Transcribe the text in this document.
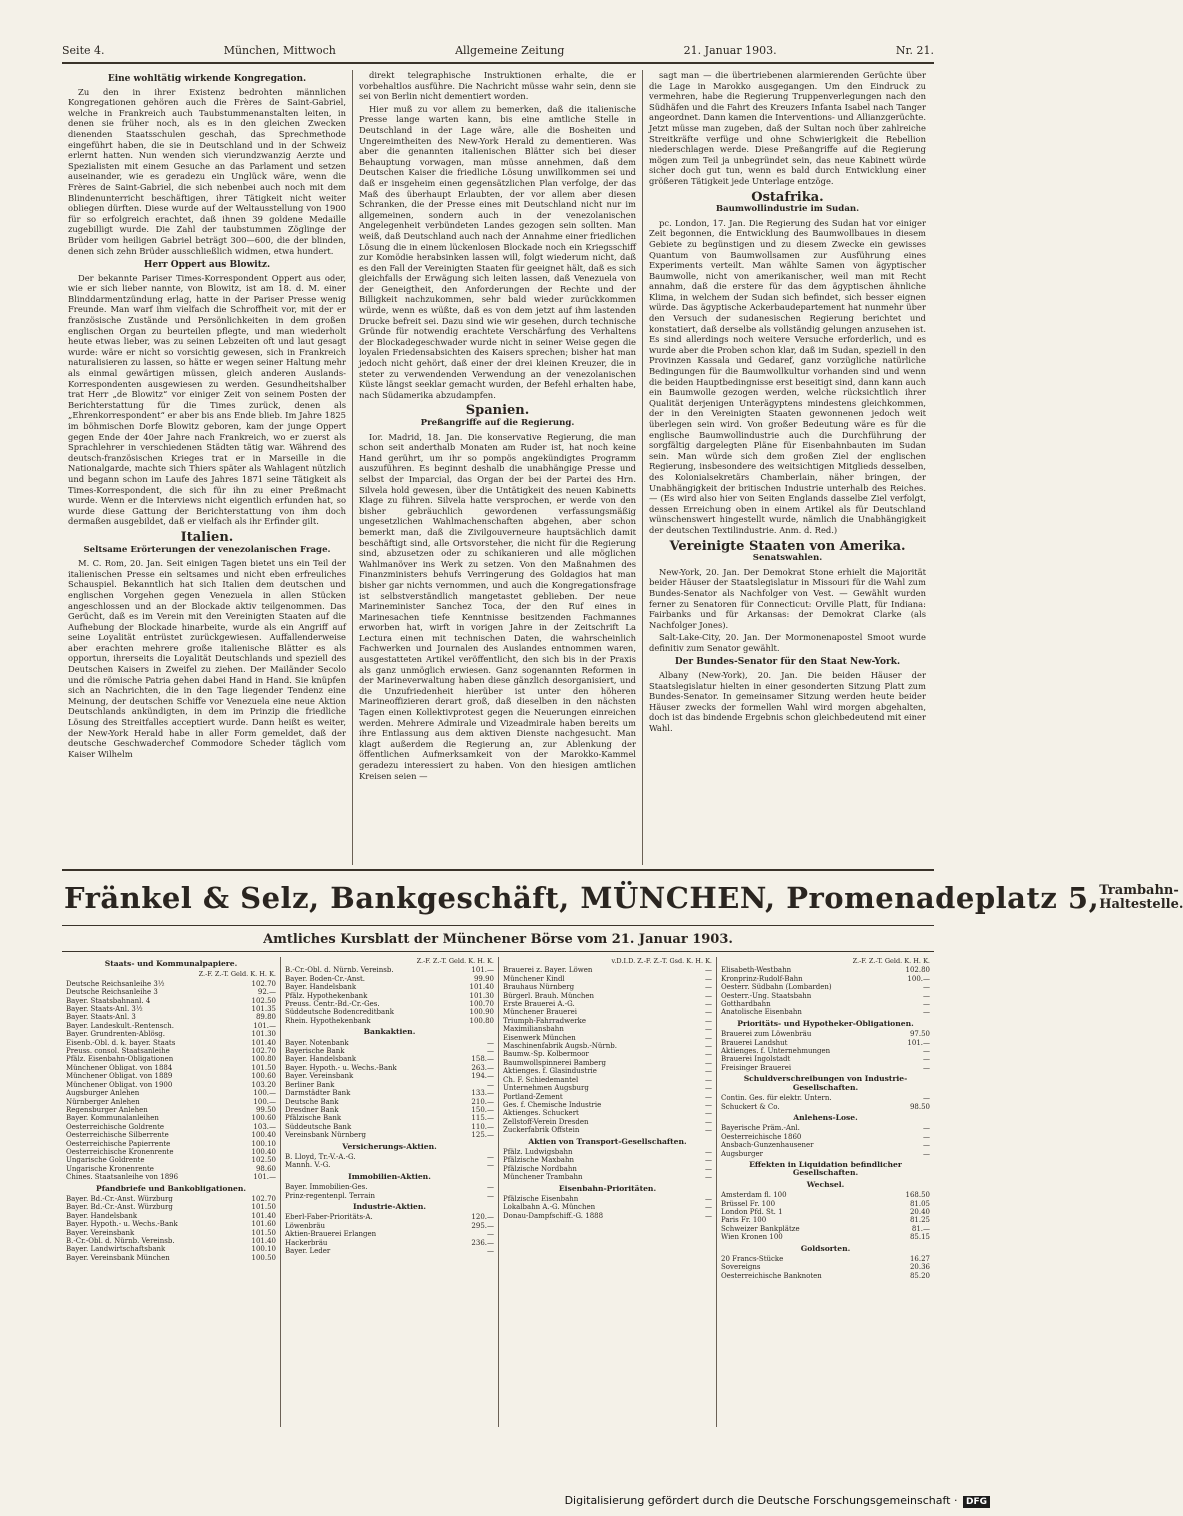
Seite 4.	München, Mittwoch	Allgemeine Zeitung	21. Januar 1903.	Nr. 21.
Eine wohltätig wirkende Kongregation.

Zu den in ihrer Existenz bedrohten männlichen Kongregationen gehören auch die Frères de Saint-Gabriel, welche in Frankreich auch Taubstummenanstalten leiten, in denen sie früher noch, als es in den gleichen Zwecken dienenden Staatsschulen geschah, das Sprechmethode eingeführt haben, die sie in Deutschland und in der Schweiz erlernt hatten. Nun wenden sich vierundzwanzig Aerzte und Spezialisten mit einem Gesuche an das Parlament und setzen auseinander, wie es geradezu ein Unglück wäre, wenn die Frères de Saint-Gabriel, die sich nebenbei auch noch mit dem Blindenunterricht beschäftigen, ihrer Tätigkeit nicht weiter obliegen dürften. Diese wurde auf der Weltausstellung von 1900 für so erfolgreich erachtet, daß ihnen 39 goldene Medaille zugebilligt wurde. Die Zahl der taubstummen Zöglinge der Brüder vom heiligen Gabriel beträgt 300—600, die der blinden, denen sich zehn Brüder ausschließlich widmen, etwa hundert.

Herr Oppert aus Blowitz.

Der bekannte Pariser Times-Korrespondent Oppert aus oder, wie er sich lieber nannte, von Blowitz, ist am 18. d. M. einer Blinddarmentzündung erlag, hatte in der Pariser Presse wenig Freunde. Man warf ihm vielfach die Schroffheit vor, mit der er französische Zustände und Persönlichkeiten in dem großen englischen Organ zu beurteilen pflegte, und man wiederholt heute etwas lieber, was zu seinen Lebzeiten oft und laut gesagt wurde: wäre er nicht so vorsichtig gewesen, sich in Frankreich naturalisieren zu lassen, so hätte er wegen seiner Haltung mehr als einmal gewärtigen müssen, gleich anderen Auslands-Korrespondenten ausgewiesen zu werden. Gesundheitshalber trat Herr „de Blowitz“ vor einiger Zeit von seinem Posten der Berichterstattung für die Times zurück, denen als „Ehrenkorrespondent“ er aber bis ans Ende blieb. Im Jahre 1825 im böhmischen Dorfe Blowitz geboren, kam der junge Oppert gegen Ende der 40er Jahre nach Frankreich, wo er zuerst als Sprachlehrer in verschiedenen Städten tätig war. Während des deutsch-französischen Krieges trat er in Marseille in die Nationalgarde, machte sich Thiers später als Wahlagent nützlich und begann schon im Laufe des Jahres 1871 seine Tätigkeit als Times-Korrespondent, die sich für ihn zu einer Preßmacht wurde. Wenn er die Interviews nicht eigentlich erfunden hat, so wurde diese Gattung der Berichterstattung von ihm doch dermaßen ausgebildet, daß er vielfach als ihr Erfinder gilt.

Italien.
Seltsame Erörterungen der venezolanischen Frage.

M. C. Rom, 20. Jan. Seit einigen Tagen bietet uns ein Teil der italienischen Presse ein seltsames und nicht eben erfreuliches Schauspiel. Bekanntlich hat sich Italien dem deutschen und englischen Vorgehen gegen Venezuela in allen Stücken angeschlossen und an der Blockade aktiv teilgenommen. Das Gerücht, daß es im Verein mit den Vereinigten Staaten auf die Aufhebung der Blockade hinarbeite, wurde als ein Angriff auf seine Loyalität entrüstet zurückgewiesen. Auffallenderweise aber erachten mehrere große italienische Blätter es als opportun, ihrerseits die Loyalität Deutschlands und speziell des Deutschen Kaisers in Zweifel zu ziehen. Der Mailänder Secolo und die römische Patria gehen dabei Hand in Hand. Sie knüpfen sich an Nachrichten, die in den Tage liegender Tendenz eine Meinung, der deutschen Schiffe vor Venezuela eine neue Aktion Deutschlands ankündigten, in dem im Prinzip die friedliche Lösung des Streitfalles acceptiert wurde. Dann heißt es weiter, der New-York Herald habe in aller Form gemeldet, daß der deutsche Geschwaderchef Commodore Scheder täglich vom Kaiser Wilhelm

direkt telegraphische Instruktionen erhalte, die er vorbehaltlos ausführe. Die Nachricht müsse wahr sein, denn sie sei von Berlin nicht dementiert worden.

Hier muß zu vor allem zu bemerken, daß die italienische Presse lange warten kann, bis eine amtliche Stelle in Deutschland in der Lage wäre, alle die Bosheiten und Ungereimtheiten des New-York Herald zu dementieren. Was aber die genannten italienischen Blätter sich bei dieser Behauptung vorwagen, man müsse annehmen, daß dem Deutschen Kaiser die friedliche Lösung unwillkommen sei und daß er insgeheim einen gegensätzlichen Plan verfolge, der das Maß des überhaupt Erlaubten, der vor allem aber diesen Schranken, die der Presse eines mit Deutschland nicht nur im allgemeinen, sondern auch in der venezolanischen Angelegenheit verbündeten Landes gezogen sein sollten. Man weiß, daß Deutschland auch nach der Annahme einer friedlichen Lösung die in einem lückenlosen Blockade noch ein Kriegsschiff zur Komödie herabsinken lassen will, folgt wiederum nicht, daß es den Fall der Vereinigten Staaten für geeignet hält, daß es sich gleichfalls der Erwägung sich leiten lassen, daß Venezuela von der Geneigtheit, den Anforderungen der Rechte und der Billigkeit nachzukommen, sehr bald wieder zurückkommen würde, wenn es wüßte, daß es von dem jetzt auf ihm lastenden Drucke befreit sei. Dazu sind wie wir gesehen, durch technische Gründe für notwendig erachtete Verschärfung des Verhaltens der Blockadegeschwader wurde nicht in seiner Weise gegen die loyalen Friedensabsichten des Kaisers sprechen; bisher hat man jedoch nicht gehört, daß einer der drei kleinen Kreuzer, die in steter zu verwendenden Verwendung an der venezolanischen Küste längst seeklar gemacht wurden, der Befehl erhalten habe, nach Südamerika abzudampfen.

Spanien.
Preßangriffe auf die Regierung.

Ior. Madrid, 18. Jan. Die konservative Regierung, die man schon seit anderthalb Monaten am Ruder ist, hat noch keine Hand gerührt, um ihr so pompös angekündigtes Programm auszuführen. Es beginnt deshalb die unabhängige Presse und selbst der Imparcial, das Organ der bei der Partei des Hrn. Silvela hold gewesen, über die Untätigkeit des neuen Kabinetts Klage zu führen. Silvela hatte versprochen, er werde von den bisher gebräuchlich gewordenen verfassungsmäßig ungesetzlichen Wahlmachenschaften abgehen, aber schon bemerkt man, daß die Zivilgouverneure hauptsächlich damit beschäftigt sind, alle Ortsvorsteher, die nicht für die Regierung sind, abzusetzen oder zu schikanieren und alle möglichen Wahlmanöver ins Werk zu setzen. Von den Maßnahmen des Finanzministers behufs Verringerung des Goldagios hat man bisher gar nichts vernommen, und auch die Kongregationsfrage ist selbstverständlich mangetastet geblieben. Der neue Marineminister Sanchez Toca, der den Ruf eines in Marinesachen tiefe Kenntnisse besitzenden Fachmannes erworben hat, wirft in vorigen Jahre in der Zeitschrift La Lectura einen mit technischen Daten, die wahrscheinlich Fachwerken und Journalen des Auslandes entnommen waren, ausgestatteten Artikel veröffentlicht, den sich bis in der Praxis als ganz unmöglich erwiesen. Ganz sogenannten Reformen in der Marineverwaltung haben diese gänzlich desorganisiert, und die Unzufriedenheit hierüber ist unter den höheren Marineoffizieren derart groß, daß dieselben in den nächsten Tagen einen Kollektivprotest gegen die Neuerungen einreichen werden. Mehrere Admirale und Vizeadmirale haben bereits um ihre Entlassung aus dem aktiven Dienste nachgesucht. Man klagt außerdem die Regierung an, zur Ablenkung der öffentlichen Aufmerksamkeit von der Marokko-Kammel geradezu interessiert zu haben. Von den hiesigen amtlichen Kreisen seien —

sagt man — die übertriebenen alarmierenden Gerüchte über die Lage in Marokko ausgegangen. Um den Eindruck zu vermehren, habe die Regierung Truppenverlegungen nach den Südhäfen und die Fahrt des Kreuzers Infanta Isabel nach Tanger angeordnet. Dann kamen die Interventions- und Allianzgerüchte. Jetzt müsse man zugeben, daß der Sultan noch über zahlreiche Streitkräfte verfüge und ohne Schwierigkeit die Rebellion niederschlagen werde. Diese Preßangriffe auf die Regierung mögen zum Teil ja unbegründet sein, das neue Kabinett würde sicher doch gut tun, wenn es bald durch Entwicklung einer größeren Tätigkeit jede Unterlage entzöge.

Ostafrika.
Baumwollindustrie im Sudan.

pc. London, 17. Jan. Die Regierung des Sudan hat vor einiger Zeit begonnen, die Entwicklung des Baumwollbaues in diesem Gebiete zu begünstigen und zu diesem Zwecke ein gewisses Quantum von Baumwollsamen zur Ausführung eines Experiments verteilt. Man wählte Samen von ägyptischer Baumwolle, nicht von amerikanischer, weil man mit Recht annahm, daß die erstere für das dem ägyptischen ähnliche Klima, in welchem der Sudan sich befindet, sich besser eignen würde. Das ägyptische Ackerbaudepartement hat nunmehr über den Versuch der sudanesischen Regierung berichtet und konstatiert, daß derselbe als vollständig gelungen anzusehen ist. Es sind allerdings noch weitere Versuche erforderlich, und es wurde aber die Proben schon klar, daß im Sudan, speziell in den Provinzen Kassala und Gedaref, ganz vorzügliche natürliche Bedingungen für die Baumwollkultur vorhanden sind und wenn die beiden Hauptbedingnisse erst beseitigt sind, dann kann auch ein Baumwolle gezogen werden, welche rücksichtlich ihrer Qualität derjenigen Unterägyptens mindestens gleichkommen, der in den Vereinigten Staaten gewonnenen jedoch weit überlegen sein wird. Von großer Bedeutung wäre es für die englische Baumwollindustrie auch die Durchführung der sorgfältig dargelegten Pläne für Eisenbahnbauten im Sudan sein. Man würde sich dem großen Ziel der englischen Regierung, insbesondere des weitsichtigen Mitglieds desselben, des Kolonialsekretärs Chamberlain, näher bringen, der Unabhängigkeit der britischen Industrie unterhalb des Reiches. — (Es wird also hier von Seiten Englands dasselbe Ziel verfolgt, dessen Erreichung oben in einem Artikel als für Deutschland wünschenswert hingestellt wurde, nämlich die Unabhängigkeit der deutschen Textilindustrie. Anm. d. Red.)

Vereinigte Staaten von Amerika.
Senatswahlen.

New-York, 20. Jan. Der Demokrat Stone erhielt die Majorität beider Häuser der Staatslegislatur in Missouri für die Wahl zum Bundes-Senator als Nachfolger von Vest. — Gewählt wurden ferner zu Senatoren für Connecticut: Orville Platt, für Indiana: Fairbanks und für Arkansas: der Demokrat Clarke (als Nachfolger Jones).

Salt-Lake-City, 20. Jan. Der Mormonenapostel Smoot wurde definitiv zum Senator gewählt.

Der Bundes-Senator für den Staat New-York.

Albany (New-York), 20. Jan. Die beiden Häuser der Staatslegislatur hielten in einer gesonderten Sitzung Platt zum Bundes-Senator. In gemeinsamer Sitzung werden heute beider Häuser zwecks der formellen Wahl wird morgen abgehalten, doch ist das bindende Ergebnis schon gleichbedeutend mit einer Wahl.

Fränkel & Selz, Bankgeschäft, MÜNCHEN, Promenadeplatz 5, Trambahn-
Haltestelle.
Amtliches Kursblatt der Münchener Börse vom 21. Januar 1903.
Staats- und Kommunalpapiere.
Z.-F. Z.-T. Geld. K. H. K.
Deutsche Reichsanleihe 3½	102.70
Deutsche Reichsanleihe 3	92.—
Bayer. Staatsbahnanl. 4	102.50
Bayer. Staats-Anl. 3½	101.35
Bayer. Staats-Anl. 3	89.80
Bayer. Landeskult.-Rentensch.	101.—
Bayer. Grundrenten-Ablösg.	101.30
Eisenb.-Obl. d. k. bayer. Staats	101.40
Preuss. consol. Staatsanleihe	102.70
Pfälz. Eisenbahn-Obligationen	100.80
Münchener Obligat. von 1884	101.50
Münchener Obligat. von 1889	100.60
Münchener Obligat. von 1900	103.20
Augsburger Anlehen	100.—
Nürnberger Anlehen	100.—
Regensburger Anlehen	99.50
Bayer. Kommunalanleihen	100.60
Oesterreichische Goldrente	103.—
Oesterreichische Silberrente	100.40
Oesterreichische Papierrente	100.10
Oesterreichische Kronenrente	100.40
Ungarische Goldrente	102.50
Ungarische Kronenrente	98.60
Chines. Staatsanleihe von 1896	101.—
Pfandbriefe und Bankobligationen.
Bayer. Bd.-Cr.-Anst. Würzburg	102.70
Bayer. Bd.-Cr.-Anst. Würzburg	101.50
Bayer. Handelsbank	101.40
Bayer. Hypoth.- u. Wechs.-Bank	101.60
Bayer. Vereinsbank	101.50
B.-Cr.-Obl. d. Nürnb. Vereinsb.	101.40
Bayer. Landwirtschaftsbank	100.10
Bayer. Vereinsbank München	100.50
Z.-F. Z.-T. Geld. K. H. K.
B.-Cr.-Obl. d. Nürnb. Vereinsb.	101.—
Bayer. Boden-Cr.-Anst.	99.90
Bayer. Handelsbank	101.40
Pfälz. Hypothekenbank	101.30
Preuss. Centr.-Bd.-Cr.-Ges.	100.70
Süddeutsche Bodencreditbank	100.90
Rhein. Hypothekenbank	100.80
Bankaktien.
Bayer. Notenbank	—
Bayerische Bank	—
Bayer. Handelsbank	158.—
Bayer. Hypoth.- u. Wechs.-Bank	263.—
Bayer. Vereinsbank	194.—
Berliner Bank	—
Darmstädter Bank	133.—
Deutsche Bank	210.—
Dresdner Bank	150.—
Pfälzische Bank	115.—
Süddeutsche Bank	110.—
Vereinsbank Nürnberg	125.—
Versicherungs-Aktien.
B. Lloyd, Tr.-V.-A.-G.	—
Mannh. V.-G.	—
Immobilien-Aktien.
Bayer. Immobilien-Ges.	—
Prinz-regentenpl. Terrain	—
Industrie-Aktien.
Eberl-Faber-Prioritäts-A.	120.—
Löwenbräu	295.—
Aktien-Brauerei Erlangen	—
Hackerbräu	236.—
Bayer. Leder	—
v.D.I.D. Z.-F. Z.-T. Gsd. K. H. K.
Brauerei z. Bayer. Löwen	—
Münchener Kindl	—
Brauhaus Nürnberg	—
Bürgerl. Brauh. München	—
Erste Brauerei A.-G.	—
Münchener Brauerei	—
Triumph-Fahrradwerke	—
Maximiliansbahn	—
Eisenwerk München	—
Maschinenfabrik Augsb.-Nürnb.	—
Baumw.-Sp. Kolbermoor	—
Baumwollspinnerei Bamberg	—
Aktienges. f. Glasindustrie	—
Ch. F. Schiedemantel	—
Unternehmen Augsburg	—
Portland-Zement	—
Ges. f. Chemische Industrie	—
Aktienges. Schuckert	—
Zellstoff-Verein Dresden	—
Zuckerfabrik Offstein	—
Aktien von Transport-Gesellschaften.
Pfälz. Ludwigsbahn	—
Pfälzische Maxbahn	—
Pfälzische Nordbahn	—
Münchener Trambahn	—
Eisenbahn-Prioritäten.
Pfälzische Eisenbahn	—
Lokalbahn A.-G. München	—
Donau-Dampfschiff.-G. 1888	—
Z.-F. Z.-T. Geld. K. H. K.
Elisabeth-Westbahn	102.80
Kronprinz-Rudolf-Bahn	100.—
Oesterr. Südbahn (Lombarden)	—
Oesterr.-Ung. Staatsbahn	—
Gotthardbahn	—
Anatolische Eisenbahn	—
Prioritäts- und Hypotheker-Obligationen.
Brauerei zum Löwenbräu	97.50
Brauerei Landshut	101.—
Aktienges. f. Unternehmungen	—
Brauerei Ingolstadt	—
Freisinger Brauerei	—
Schuldverschreibungen von Industrie-Gesellschaften.
Contin. Ges. für elektr. Untern.	—
Schuckert & Co.	98.50
Anlehens-Lose.
Bayerische Präm.-Anl.	—
Oesterreichische 1860	—
Ansbach-Gunzenhausener	—
Augsburger	—
Effekten in Liquidation befindlicher Gesellschaften.
Wechsel.
Amsterdam fl. 100	168.50
Brüssel Fr. 100	81.05
London Pfd. St. 1	20.40
Paris Fr. 100	81.25
Schweizer Bankplätze	81.—
Wien Kronen 100	85.15
Goldsorten.
20 Francs-Stücke	16.27
Sovereigns	20.36
Oesterreichische Banknoten	85.20
Digitalisierung gefördert durch die Deutsche Forschungsgemeinschaft · DFG
